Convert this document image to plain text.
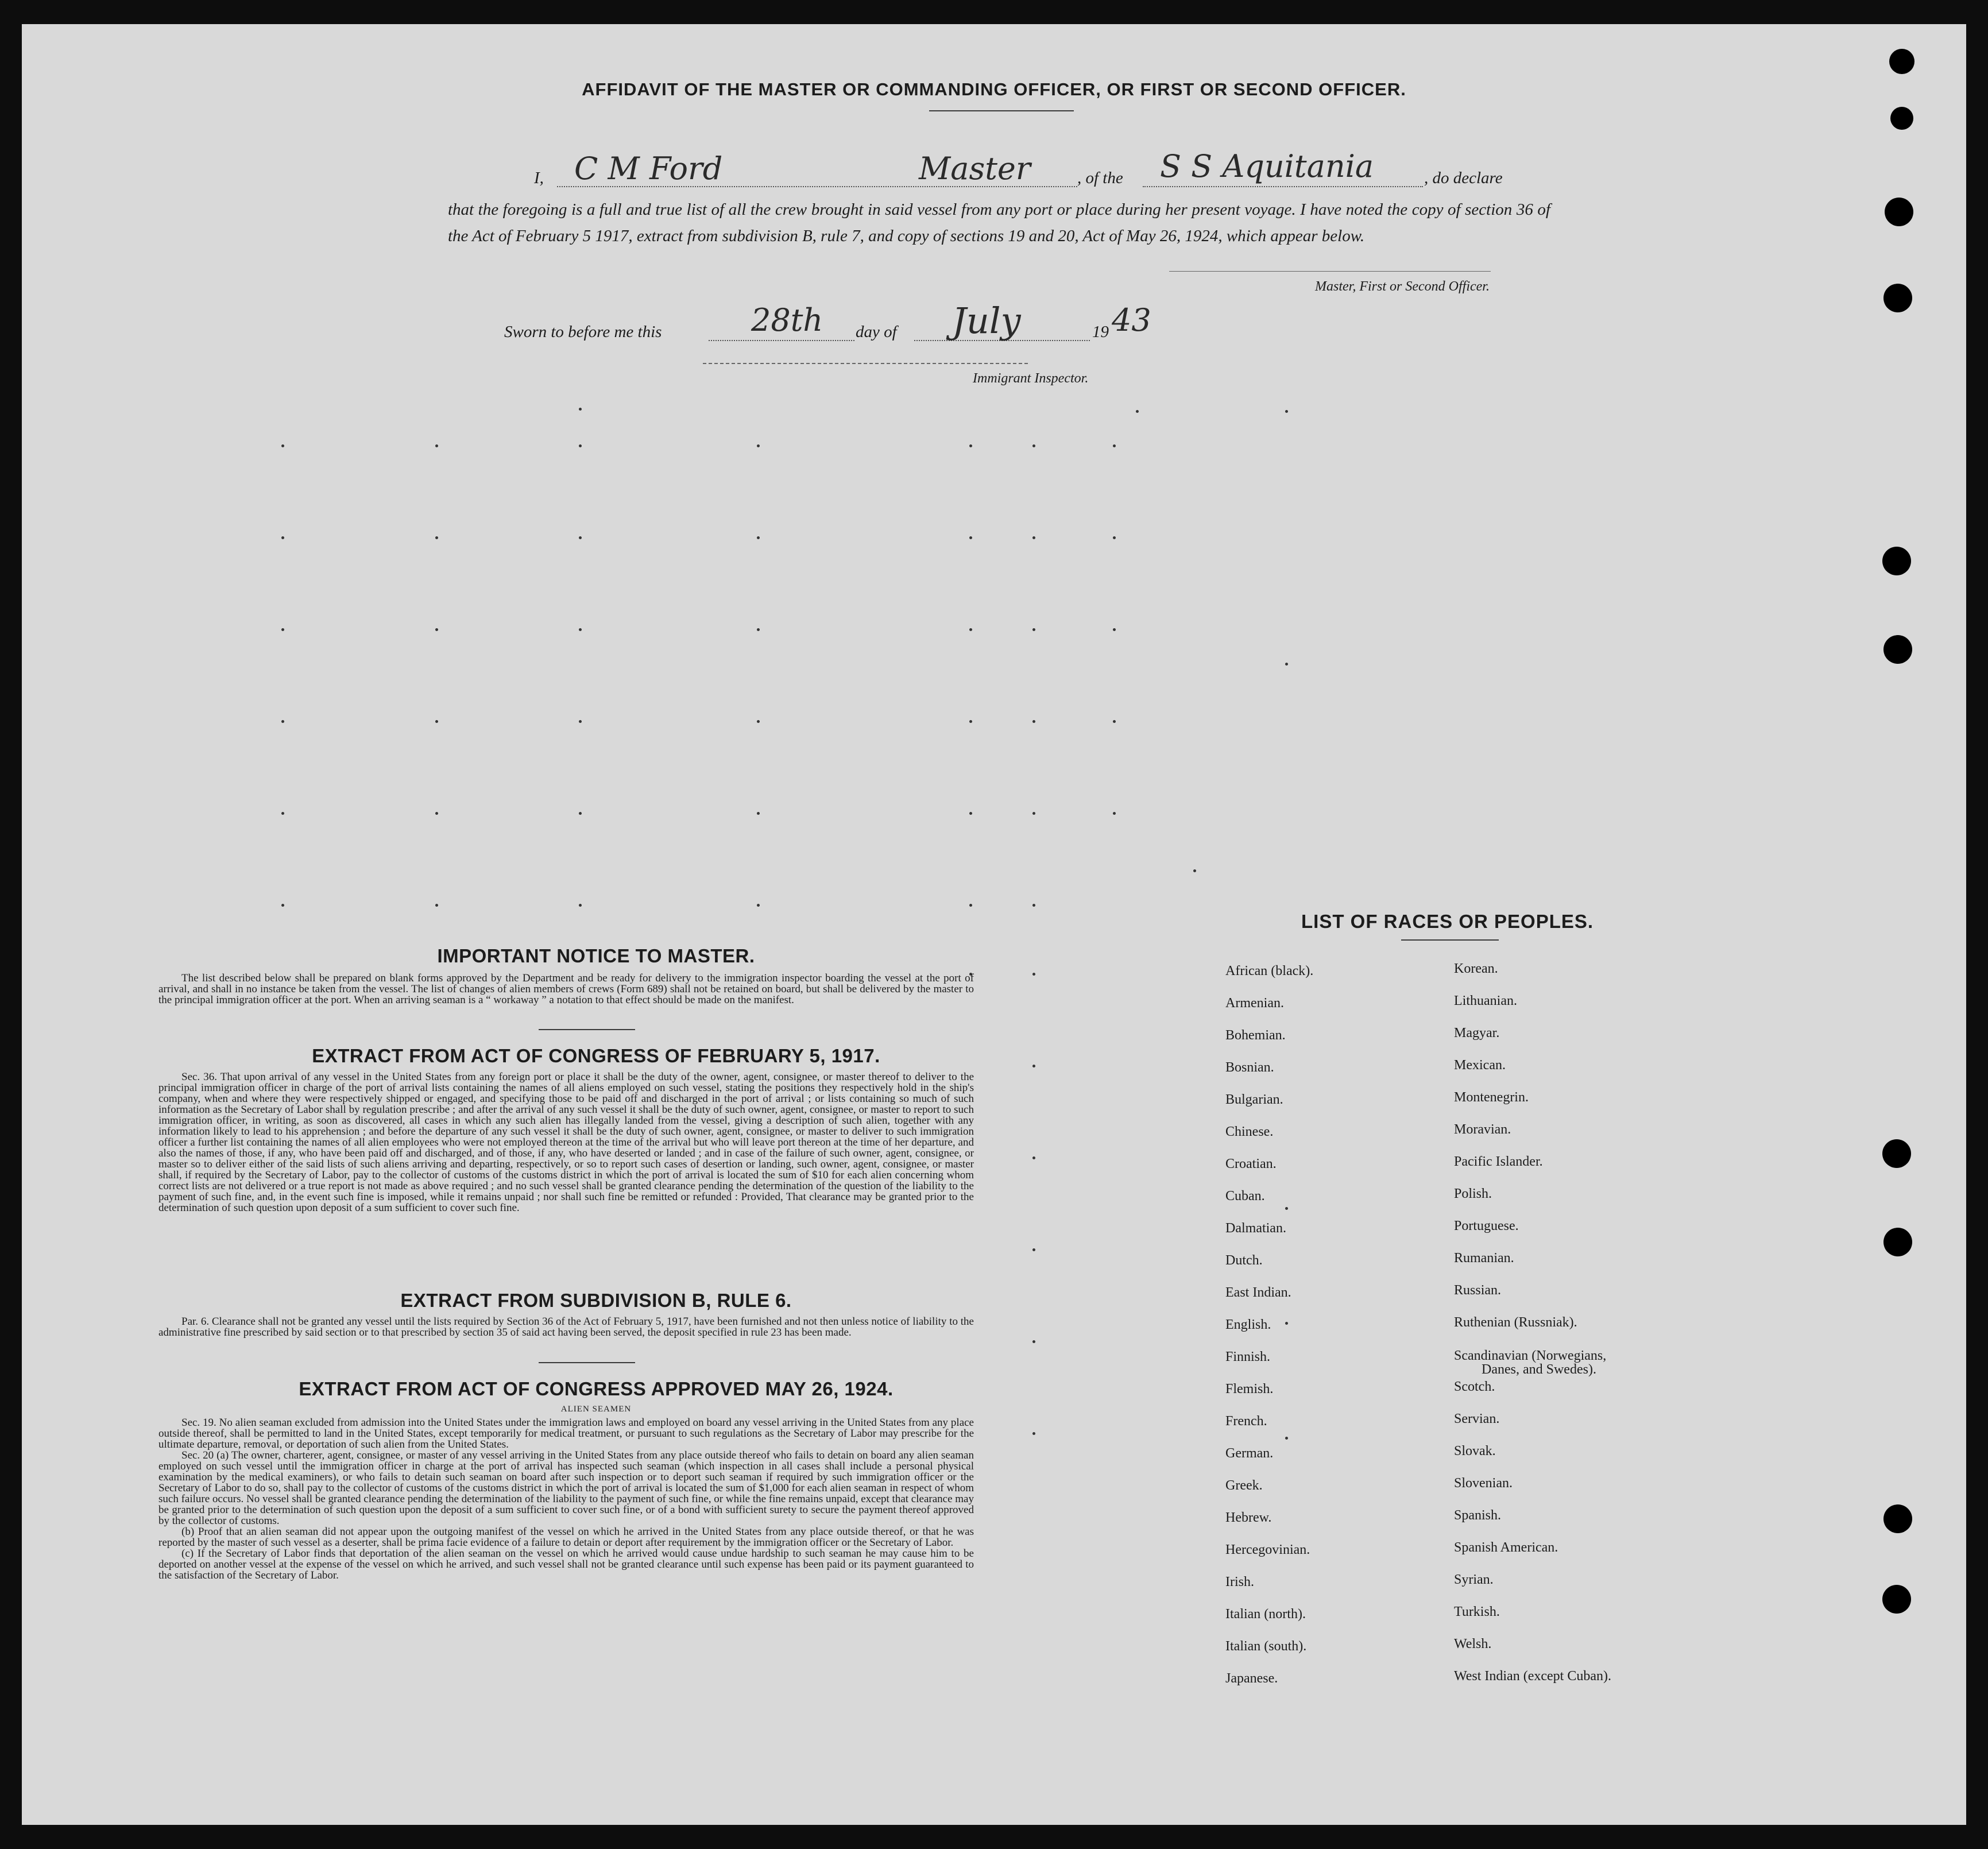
AFFIDAVIT OF THE MASTER OR COMMANDING OFFICER, OR FIRST OR SECOND OFFICER.
I, C M Ford	Master	, of the S S Aquitania	, do declare
that the foregoing is a full and true list of all the crew brought in said vessel from any port or place during her present voyage. I have noted the copy of section 36 of the Act of February 5 1917, extract from subdivision B, rule 7, and copy of sections 19 and 20, Act of May 26, 1924, which appear below.
Master, First or Second Officer.
Sworn to before me this	28th day of July	19 43
Immigrant Inspector.
IMPORTANT NOTICE TO MASTER.
The list described below shall be prepared on blank forms approved by the Department and be ready for delivery to the immigration inspector boarding the vessel at the port of arrival, and shall in no instance be taken from the vessel. The list of changes of alien members of crews (Form 689) shall not be retained on board, but shall be delivered by the master to the principal immigration officer at the port. When an arriving seaman is a “ workaway ” a notation to that effect should be made on the manifest.
EXTRACT FROM ACT OF CONGRESS OF FEBRUARY 5, 1917.
Sec. 36. That upon arrival of any vessel in the United States from any foreign port or place it shall be the duty of the owner, agent, consignee, or master thereof to deliver to the principal immigration officer in charge of the port of arrival lists containing the names of all aliens employed on such vessel, stating the positions they respectively hold in the ship's company, when and where they were respectively shipped or engaged, and specifying those to be paid off and discharged in the port of arrival ; or lists containing so much of such information as the Secretary of Labor shall by regulation prescribe ; and after the arrival of any such vessel it shall be the duty of such owner, agent, consignee, or master to report to such immigration officer, in writing, as soon as discovered, all cases in which any such alien has illegally landed from the vessel, giving a description of such alien, together with any information likely to lead to his apprehension ; and before the departure of any such vessel it shall be the duty of such owner, agent, consignee, or master to deliver to such immigration officer a further list containing the names of all alien employees who were not employed thereon at the time of the arrival but who will leave port thereon at the time of her departure, and also the names of those, if any, who have been paid off and discharged, and of those, if any, who have deserted or landed ; and in case of the failure of such owner, agent, consignee, or master so to deliver either of the said lists of such aliens arriving and departing, respectively, or so to report such cases of desertion or landing, such owner, agent, consignee, or master shall, if required by the Secretary of Labor, pay to the collector of customs of the customs district in which the port of arrival is located the sum of $10 for each alien concerning whom correct lists are not delivered or a true report is not made as above required ; and no such vessel shall be granted clearance pending the determination of the question of the liability to the payment of such fine, and, in the event such fine is imposed, while it remains unpaid ; nor shall such fine be remitted or refunded : Provided, That clearance may be granted prior to the determination of such question upon deposit of a sum sufficient to cover such fine.
EXTRACT FROM SUBDIVISION B, RULE 6.
Par. 6. Clearance shall not be granted any vessel until the lists required by Section 36 of the Act of February 5, 1917, have been furnished and not then unless notice of liability to the administrative fine prescribed by said section or to that prescribed by section 35 of said act having been served, the deposit specified in rule 23 has been made.
EXTRACT FROM ACT OF CONGRESS APPROVED MAY 26, 1924.
ALIEN SEAMEN
Sec. 19. No alien seaman excluded from admission into the United States under the immigration laws and employed on board any vessel arriving in the United States from any place outside thereof, shall be permitted to land in the United States, except temporarily for medical treatment, or pursuant to such regulations as the Secretary of Labor may prescribe for the ultimate departure, removal, or deportation of such alien from the United States.
Sec. 20 (a) The owner, charterer, agent, consignee, or master of any vessel arriving in the United States from any place outside thereof who fails to detain on board any alien seaman employed on such vessel until the immigration officer in charge at the port of arrival has inspected such seaman (which inspection in all cases shall include a personal physical examination by the medical examiners), or who fails to detain such seaman on board after such inspection or to deport such seaman if required by such immigration officer or the Secretary of Labor to do so, shall pay to the collector of customs of the customs district in which the port of arrival is located the sum of $1,000 for each alien seaman in respect of whom such failure occurs. No vessel shall be granted clearance pending the determination of the liability to the payment of such fine, or while the fine remains unpaid, except that clearance may be granted prior to the determination of such question upon the deposit of a sum sufficient to cover such fine, or of a bond with sufficient surety to secure the payment thereof approved by the collector of customs.
(b) Proof that an alien seaman did not appear upon the outgoing manifest of the vessel on which he arrived in the United States from any place outside thereof, or that he was reported by the master of such vessel as a deserter, shall be prima facie evidence of a failure to detain or deport after requirement by the immigration officer or the Secretary of Labor.
(c) If the Secretary of Labor finds that deportation of the alien seaman on the vessel on which he arrived would cause undue hardship to such seaman he may cause him to be deported on another vessel at the expense of the vessel on which he arrived, and such vessel shall not be granted clearance until such expense has been paid or its payment guaranteed to the satisfaction of the Secretary of Labor.
LIST OF RACES OR PEOPLES.
African (black).
Armenian.
Bohemian.
Bosnian.
Bulgarian.
Chinese.
Croatian.
Cuban.
Dalmatian.
Dutch.
East Indian.
English.
Finnish.
Flemish.
French.
German.
Greek.
Hebrew.
Hercegovinian.
Irish.
Italian (north).
Italian (south).
Japanese.
Korean.
Lithuanian.
Magyar.
Mexican.
Montenegrin.
Moravian.
Pacific Islander.
Polish.
Portuguese.
Rumanian.
Russian.
Ruthenian (Russniak).
Scandinavian (Norwegians,
Danes, and Swedes).
Scotch.
Servian.
Slovak.
Slovenian.
Spanish.
Spanish American.
Syrian.
Turkish.
Welsh.
West Indian (except Cuban).
